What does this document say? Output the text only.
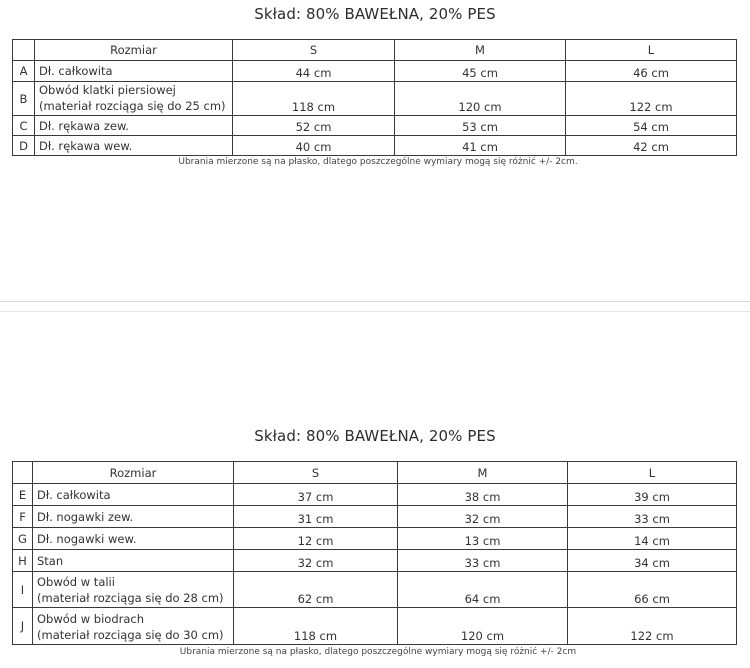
Skład: 80% BAWEŁNA, 20% PES
	Rozmiar	S	M	L
A	Dł. całkowita	44 cm	45 cm	46 cm
B	Obwód klatki piersiowej
(materiał rozciąga się do 25 cm)	118 cm	120 cm	122 cm
C	Dł. rękawa zew.	52 cm	53 cm	54 cm
D	Dł. rękawa wew.	40 cm	41 cm	42 cm
Ubrania mierzone są na płasko, dlatego poszczególne wymiary mogą się różnić +/- 2cm.
Skład: 80% BAWEŁNA, 20% PES
	Rozmiar	S	M	L
E	Dł. całkowita	37 cm	38 cm	39 cm
F	Dł. nogawki zew.	31 cm	32 cm	33 cm
G	Dł. nogawki wew.	12 cm	13 cm	14 cm
H	Stan	32 cm	33 cm	34 cm
I	Obwód w talii
(materiał rozciąga się do 28 cm)	62 cm	64 cm	66 cm
J	Obwód w biodrach
(materiał rozciąga się do 30 cm)	118 cm	120 cm	122 cm
Ubrania mierzone są na płasko, dlatego poszczególne wymiary mogą się różnić +/- 2cm
